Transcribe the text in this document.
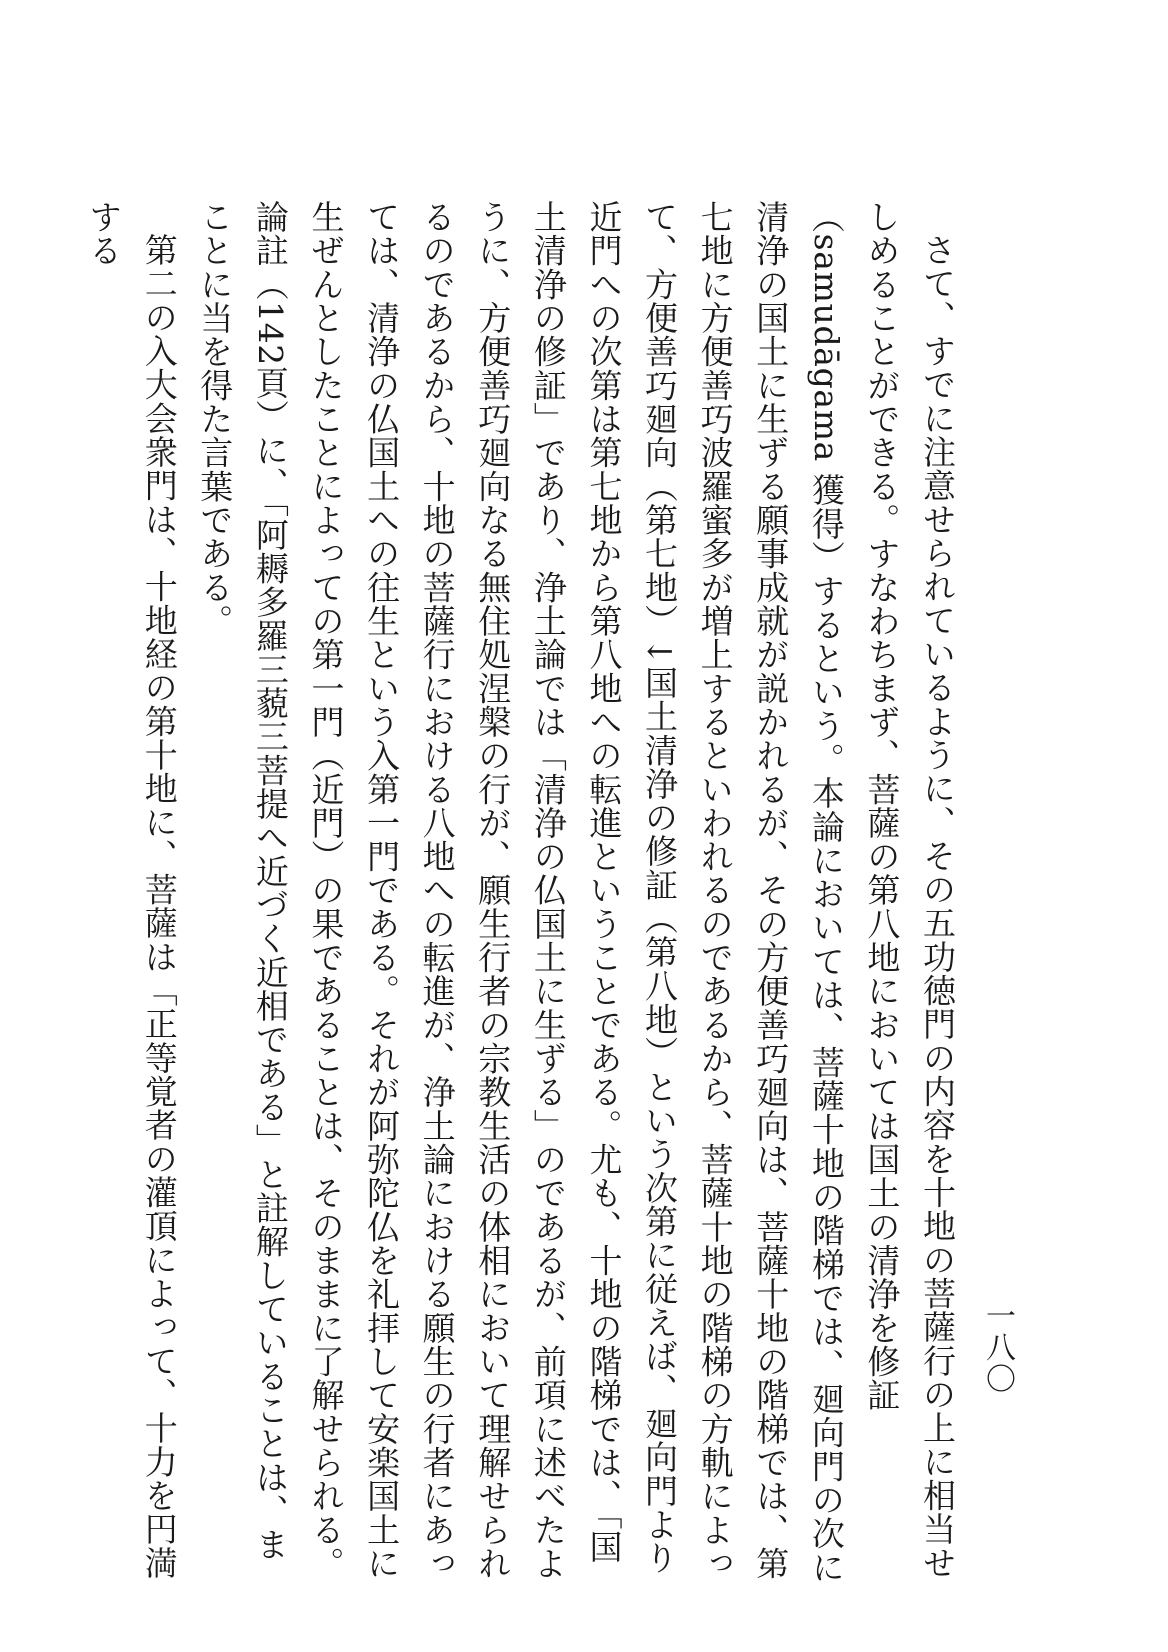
一八〇

さて、すでに注意せられているように、その五功徳門の内容を十地の菩薩行の上に相当せしめることができる。すなわちまず、菩薩の第八地においては国土の清浄を修証（samudāgama 獲得）するという。本論においては、菩薩十地の階梯では、廻向門の次に清浄の国土に生ずる願事成就が説かれるが、その方便善巧廻向は、菩薩十地の階梯では、第七地に方便善巧波羅蜜多が増上するといわれるのであるから、菩薩十地の階梯の方軌によって、方便善巧廻向（第七地）↓国土清浄の修証（第八地）という次第に従えば、廻向門より近門への次第は第七地から第八地への転進ということである。尤も、十地の階梯では、「国土清浄の修証」であり、浄土論では「清浄の仏国土に生ずる」のであるが、前項に述べたように、方便善巧廻向なる無住処涅槃の行が、願生行者の宗教生活の体相において理解せられるのであるから、十地の菩薩行における八地への転進が、浄土論における願生の行者にあっては、清浄の仏国土への往生という入第一門である。それが阿弥陀仏を礼拝して安楽国土に生ぜんとしたことによっての第一門（近門）の果であることは、そのままに了解せられる。論註（142頁）に、「阿耨多羅三藐三菩提へ近づく近相である」と註解していることは、まことに当を得た言葉である。

第二の入大会衆門は、十地経の第十地に、菩薩は「正等覚者の灌頂によって、十力を円満する
